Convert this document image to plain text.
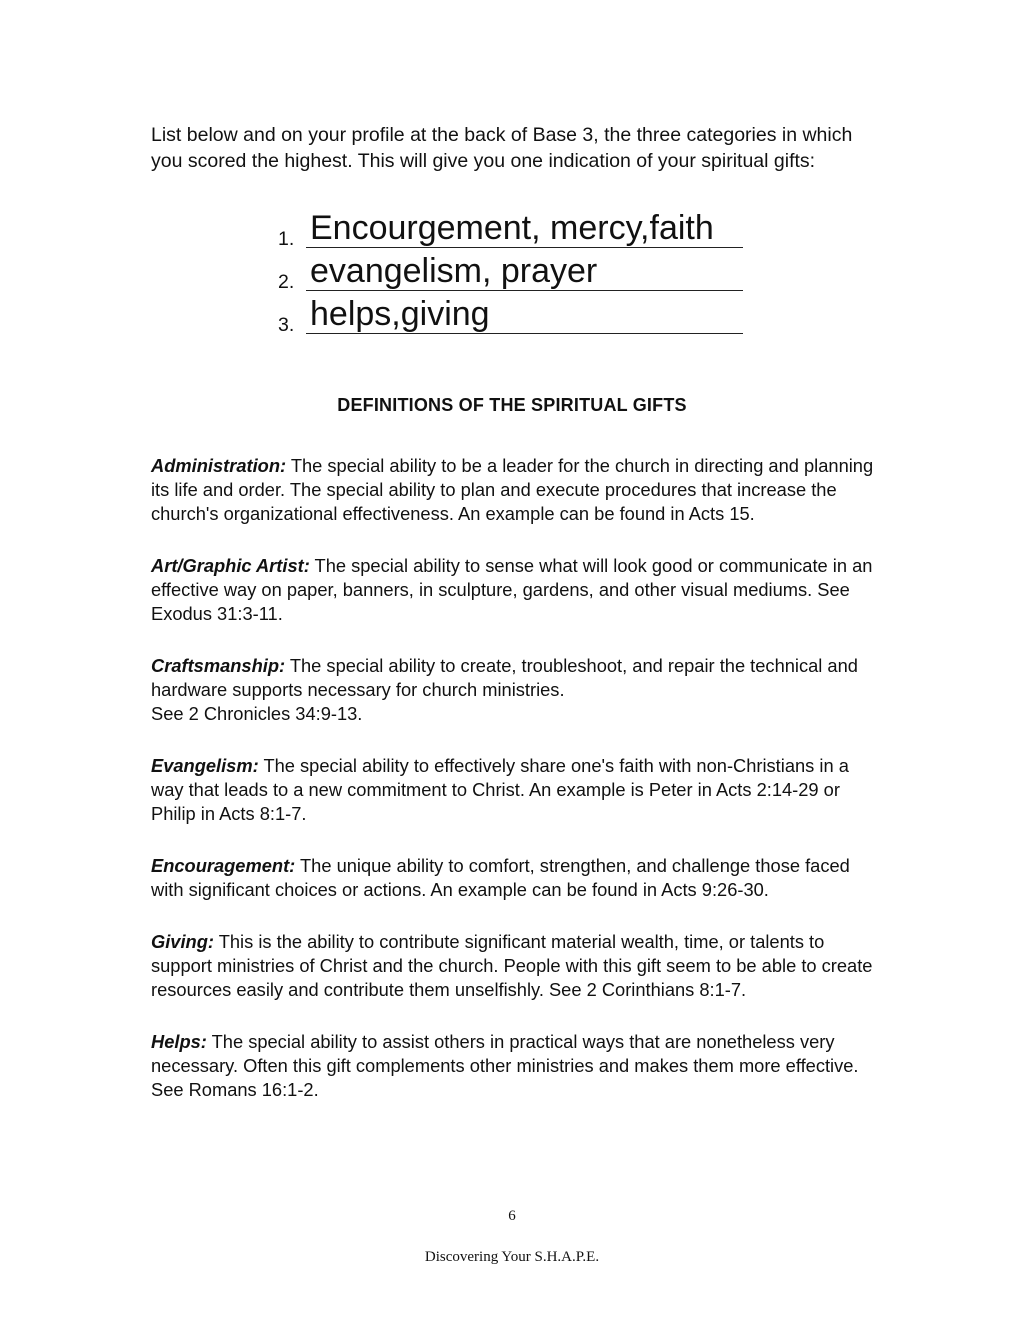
List below and on your profile at the back of Base 3, the three categories in which you scored the highest. This will give you one indication of your spiritual gifts:

1. Encourgement, mercy,faith
2. evangelism, prayer
3. helps,giving
DEFINITIONS OF THE SPIRITUAL GIFTS

Administration: The special ability to be a leader for the church in directing and planning its life and order. The special ability to plan and execute procedures that increase the church's organizational effectiveness. An example can be found in Acts 15.

Art/Graphic Artist: The special ability to sense what will look good or communicate in an effective way on paper, banners, in sculpture, gardens, and other visual mediums. See Exodus 31:3-11.

Craftsmanship: The special ability to create, troubleshoot, and repair the technical and hardware supports necessary for church ministries.
See 2 Chronicles 34:9-13.

Evangelism: The special ability to effectively share one's faith with non-Christians in a way that leads to a new commitment to Christ. An example is Peter in Acts 2:14-29 or Philip in Acts 8:1-7.

Encouragement: The unique ability to comfort, strengthen, and challenge those faced with significant choices or actions. An example can be found in Acts 9:26-30.

Giving: This is the ability to contribute significant material wealth, time, or talents to support ministries of Christ and the church. People with this gift seem to be able to create resources easily and contribute them unselfishly. See 2 Corinthians 8:1-7.

Helps: The special ability to assist others in practical ways that are nonetheless very necessary. Often this gift complements other ministries and makes them more effective. See Romans 16:1-2.

6
Discovering Your S.H.A.P.E.
